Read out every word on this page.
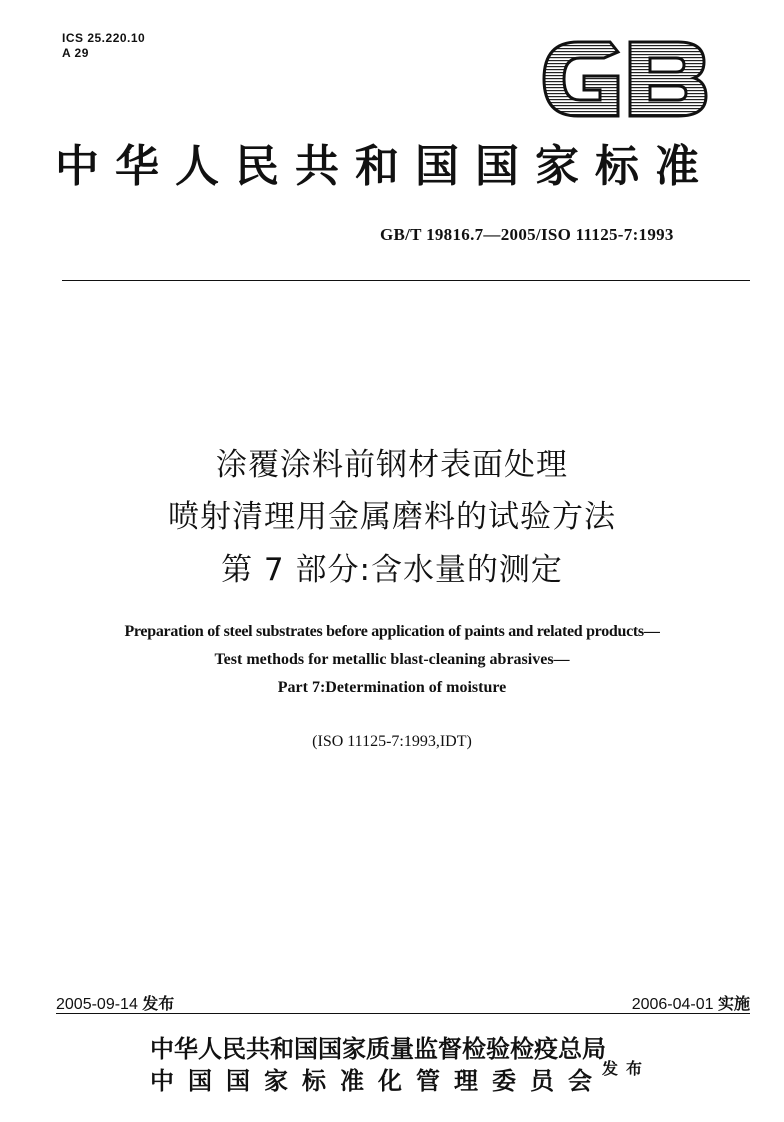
ICS 25.220.10
A 29
中华人民共和国国家标准
GB/T 19816.7—2005/ISO 11125-7:1993
涂覆涂料前钢材表面处理
喷射清理用金属磨料的试验方法
第 7 部分:含水量的测定
Preparation of steel substrates before application of paints and related products—
Test methods for metallic blast-cleaning abrasives—
Part 7:Determination of moisture
(ISO 11125-7:1993,IDT)
2005-09-14 发布	2006-04-01 实施
中华人民共和国国家质量监督检验检疫总局
中国国家标准化管理委员会
发布
